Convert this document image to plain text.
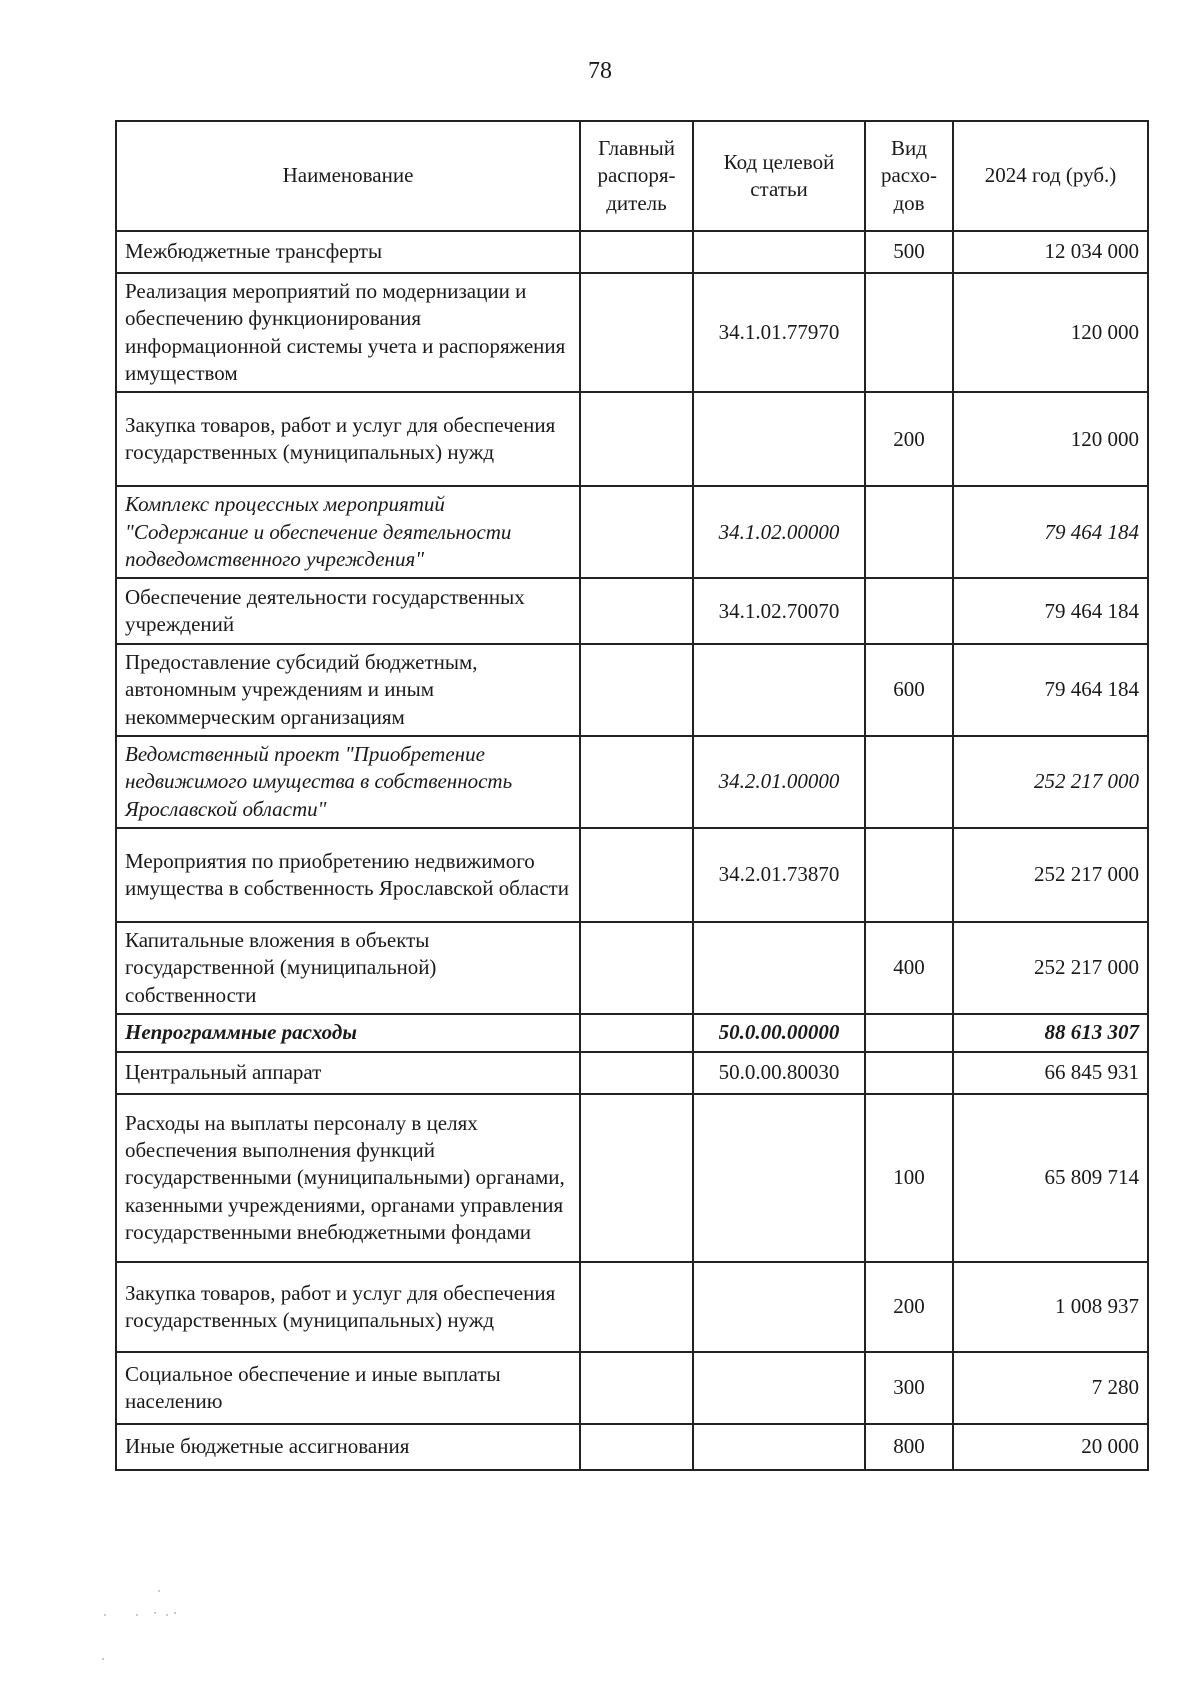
78
Наименование	Главный распоря-дитель	Код целевой статьи	Вид расхо-дов	2024 год (руб.)
Межбюджетные трансферты			500	12 034 000
Реализация мероприятий по модернизации и обеспечению функционирования информационной системы учета и распоряжения имуществом		34.1.01.77970		120 000
Закупка товаров, работ и услуг для обеспечения государственных (муниципальных) нужд			200	120 000
Комплекс процессных мероприятий "Содержание и обеспечение деятельности подведомственного учреждения"		34.1.02.00000		79 464 184
Обеспечение деятельности государственных учреждений		34.1.02.70070		79 464 184
Предоставление субсидий бюджетным, автономным учреждениям и иным некоммерческим организациям			600	79 464 184
Ведомственный проект "Приобретение недвижимого имущества в собственность Ярославской области"		34.2.01.00000		252 217 000
Мероприятия по приобретению недвижимого имущества в собственность Ярославской области		34.2.01.73870		252 217 000
Капитальные вложения в объекты государственной (муниципальной) собственности			400	252 217 000
Непрограммные расходы		50.0.00.00000		88 613 307
Центральный аппарат		50.0.00.80030		66 845 931
Расходы на выплаты персоналу в целях обеспечения выполнения функций государственными (муниципальными) органами, казенными учреждениями, органами управления государственными внебюджетными фондами			100	65 809 714
Закупка товаров, работ и услуг для обеспечения государственных (муниципальных) нужд			200	1 008 937
Социальное обеспечение и иные выплаты населению			300	7 280
Иные бюджетные ассигнования			800	20 000
